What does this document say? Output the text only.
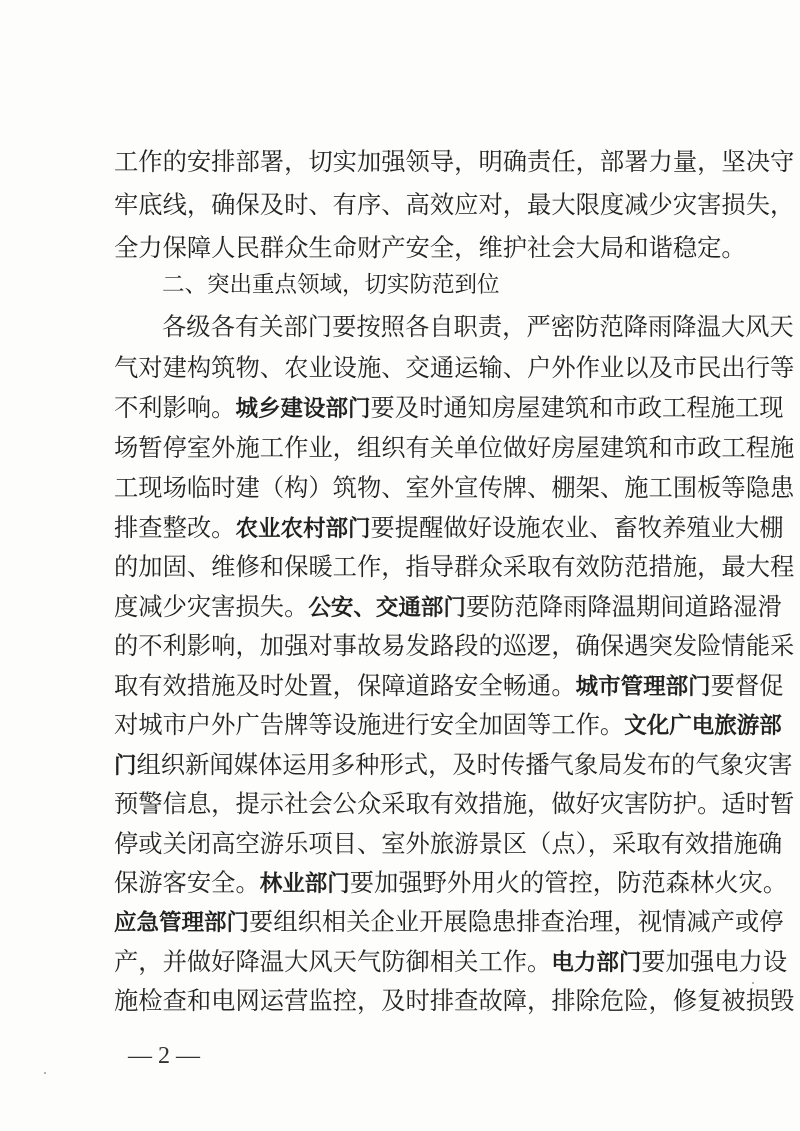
工作的安排部署，切实加强领导，明确责任，部署力量，坚决守
牢底线，确保及时、有序、高效应对，最大限度减少灾害损失，
全力保障人民群众生命财产安全，维护社会大局和谐稳定。
二、突出重点领域，切实防范到位
各级各有关部门要按照各自职责，严密防范降雨降温大风天
气对建构筑物、农业设施、交通运输、户外作业以及市民出行等
不利影响。城乡建设部门要及时通知房屋建筑和市政工程施工现
场暂停室外施工作业，组织有关单位做好房屋建筑和市政工程施
工现场临时建（构）筑物、室外宣传牌、棚架、施工围板等隐患
排查整改。农业农村部门要提醒做好设施农业、畜牧养殖业大棚
的加固、维修和保暖工作，指导群众采取有效防范措施，最大程
度减少灾害损失。公安、交通部门要防范降雨降温期间道路湿滑
的不利影响，加强对事故易发路段的巡逻，确保遇突发险情能采
取有效措施及时处置，保障道路安全畅通。城市管理部门要督促
对城市户外广告牌等设施进行安全加固等工作。文化广电旅游部
门组织新闻媒体运用多种形式，及时传播气象局发布的气象灾害
预警信息，提示社会公众采取有效措施，做好灾害防护。适时暂
停或关闭高空游乐项目、室外旅游景区（点），采取有效措施确
保游客安全。林业部门要加强野外用火的管控，防范森林火灾。
应急管理部门要组织相关企业开展隐患排查治理，视情减产或停
产，并做好降温大风天气防御相关工作。电力部门要加强电力设
施检查和电网运营监控，及时排查故障，排除危险，修复被损毁
— 2 —
